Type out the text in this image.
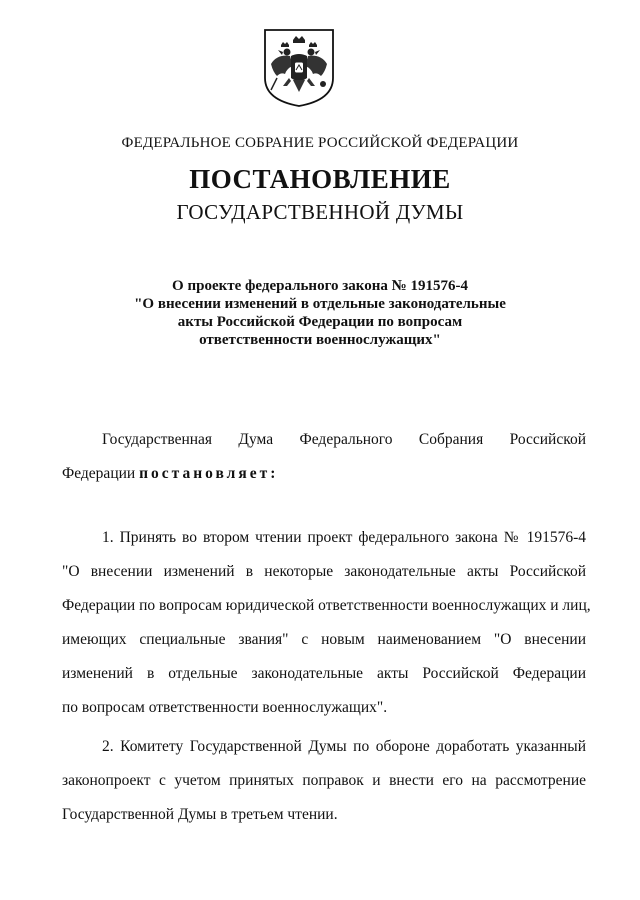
ФЕДЕРАЛЬНОЕ СОБРАНИЕ РОССИЙСКОЙ ФЕДЕРАЦИИ
ПОСТАНОВЛЕНИЕ
ГОСУДАРСТВЕННОЙ ДУМЫ
О проекте федерального закона № 191576-4
"О внесении изменений в отдельные законодательные
акты Российской Федерации по вопросам
ответственности военнослужащих"
Государственная Дума Федерального Собрания Российской
Федерации постановляет:
1. Принять во втором чтении проект федерального закона № 191576-4
"О внесении изменений в некоторые законодательные акты Российской
Федерации по вопросам юридической ответственности военнослужащих и лиц,
имеющих специальные звания" с новым наименованием "О внесении
изменений в отдельные законодательные акты Российской Федерации
по вопросам ответственности военнослужащих".
2. Комитету Государственной Думы по обороне доработать указанный
законопроект с учетом принятых поправок и внести его на рассмотрение
Государственной Думы в третьем чтении.
